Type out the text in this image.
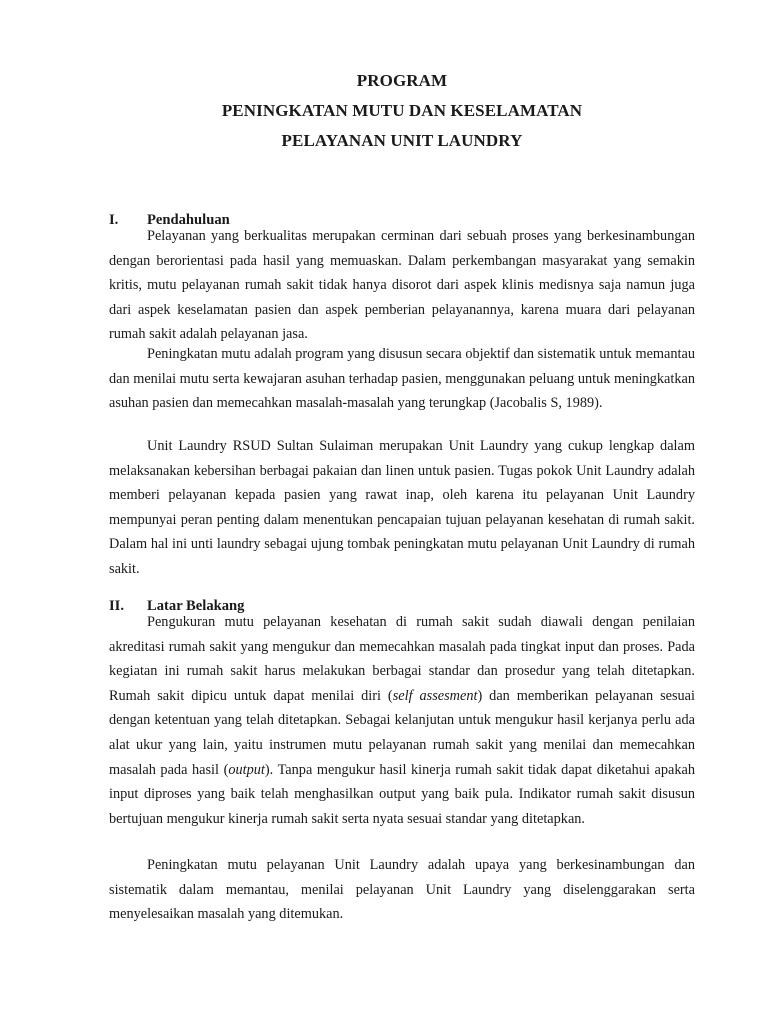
PROGRAM
PENINGKATAN MUTU DAN KESELAMATAN
PELAYANAN UNIT LAUNDRY
I. Pendahuluan

Pelayanan yang berkualitas merupakan cerminan dari sebuah proses yang berkesinambungan dengan berorientasi pada hasil yang memuaskan. Dalam perkembangan masyarakat yang semakin kritis, mutu pelayanan rumah sakit tidak hanya disorot dari aspek klinis medisnya saja namun juga dari aspek keselamatan pasien dan aspek pemberian pelayanannya, karena muara dari pelayanan rumah sakit adalah pelayanan jasa.

Peningkatan mutu adalah program yang disusun secara objektif dan sistematik untuk memantau dan menilai mutu serta kewajaran asuhan terhadap pasien, menggunakan peluang untuk meningkatkan asuhan pasien dan memecahkan masalah-masalah yang terungkap (Jacobalis S, 1989).

Unit Laundry RSUD Sultan Sulaiman merupakan Unit Laundry yang cukup lengkap dalam melaksanakan kebersihan berbagai pakaian dan linen untuk pasien. Tugas pokok Unit Laundry adalah memberi pelayanan kepada pasien yang rawat inap, oleh karena itu pelayanan Unit Laundry mempunyai peran penting dalam menentukan pencapaian tujuan pelayanan kesehatan di rumah sakit. Dalam hal ini unti laundry sebagai ujung tombak peningkatan mutu pelayanan Unit Laundry di rumah sakit.

II. Latar Belakang

Pengukuran mutu pelayanan kesehatan di rumah sakit sudah diawali dengan penilaian akreditasi rumah sakit yang mengukur dan memecahkan masalah pada tingkat input dan proses. Pada kegiatan ini rumah sakit harus melakukan berbagai standar dan prosedur yang telah ditetapkan. Rumah sakit dipicu untuk dapat menilai diri (self assesment) dan memberikan pelayanan sesuai dengan ketentuan yang telah ditetapkan. Sebagai kelanjutan untuk mengukur hasil kerjanya perlu ada alat ukur yang lain, yaitu instrumen mutu pelayanan rumah sakit yang menilai dan memecahkan masalah pada hasil (output). Tanpa mengukur hasil kinerja rumah sakit tidak dapat diketahui apakah input diproses yang baik telah menghasilkan output yang baik pula. Indikator rumah sakit disusun bertujuan mengukur kinerja rumah sakit serta nyata sesuai standar yang ditetapkan.

Peningkatan mutu pelayanan Unit Laundry adalah upaya yang berkesinambungan dan sistematik dalam memantau, menilai pelayanan Unit Laundry yang diselenggarakan serta menyelesaikan masalah yang ditemukan.
